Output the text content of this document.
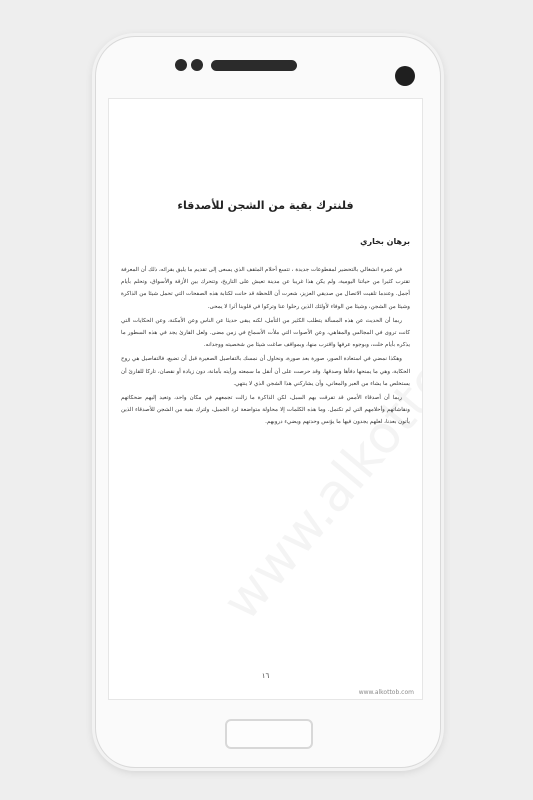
فلنترك بقية من الشجن للأصدقاء
برهان بخاري

في غمرة انشغالي بالتحضير لمقطوعات جديدة ، تتسع أحلام المثقف الذي يسعى إلى تقديم ما يليق بقرائه، ذلك أن المعرفة تقترب كثيرا من حياتنا اليومية، ولم يكن هذا غريبا عن مدينة تعيش على التاريخ، وتتحرك بين الأزقة والأسواق، وتحلم بأيام أجمل. وعندما تلقيت الاتصال من صديقي العزيز، شعرت أن اللحظة قد حانت لكتابة هذه الصفحات التي تحمل شيئا من الذاكرة وشيئا من الشجن، وشيئا من الوفاء لأولئك الذين رحلوا عنا وتركوا في قلوبنا أثرا لا يمحى.

ربما أن الحديث عن هذه المسألة يتطلب الكثير من التأمل، لكنه يبقى حديثا عن الناس وعن الأمكنة، وعن الحكايات التي كانت تروى في المجالس والمقاهي، وعن الأصوات التي ملأت الأسماع في زمن مضى. ولعل القارئ يجد في هذه السطور ما يذكره بأيام خلت، وبوجوه عرفها واقترب منها، وبمواقف صاغت شيئا من شخصيته ووجدانه.

وهكذا نمضي في استعادة الصور، صورة بعد صورة، ونحاول أن نمسك بالتفاصيل الصغيرة قبل أن تضيع، فالتفاصيل هي روح الحكاية، وهي ما يمنحها دفأها وصدقها. وقد حرصت على أن أنقل ما سمعته ورأيته بأمانة، دون زيادة أو نقصان، تاركا للقارئ أن يستخلص ما يشاء من العبر والمعاني، وأن يشاركني هذا الشجن الذي لا ينتهي.

ربما أن أصدقاء الأمس قد تفرقت بهم السبل، لكن الذاكرة ما زالت تجمعهم في مكان واحد، وتعيد إليهم ضحكاتهم ونقاشاتهم وأحلامهم التي لم تكتمل. وما هذه الكلمات إلا محاولة متواضعة لرد الجميل، ولترك بقية من الشجن للأصدقاء الذين يأتون بعدنا، لعلهم يجدون فيها ما يؤنس وحدتهم ويضيء دروبهم.

١٦
www.alkottob.com
